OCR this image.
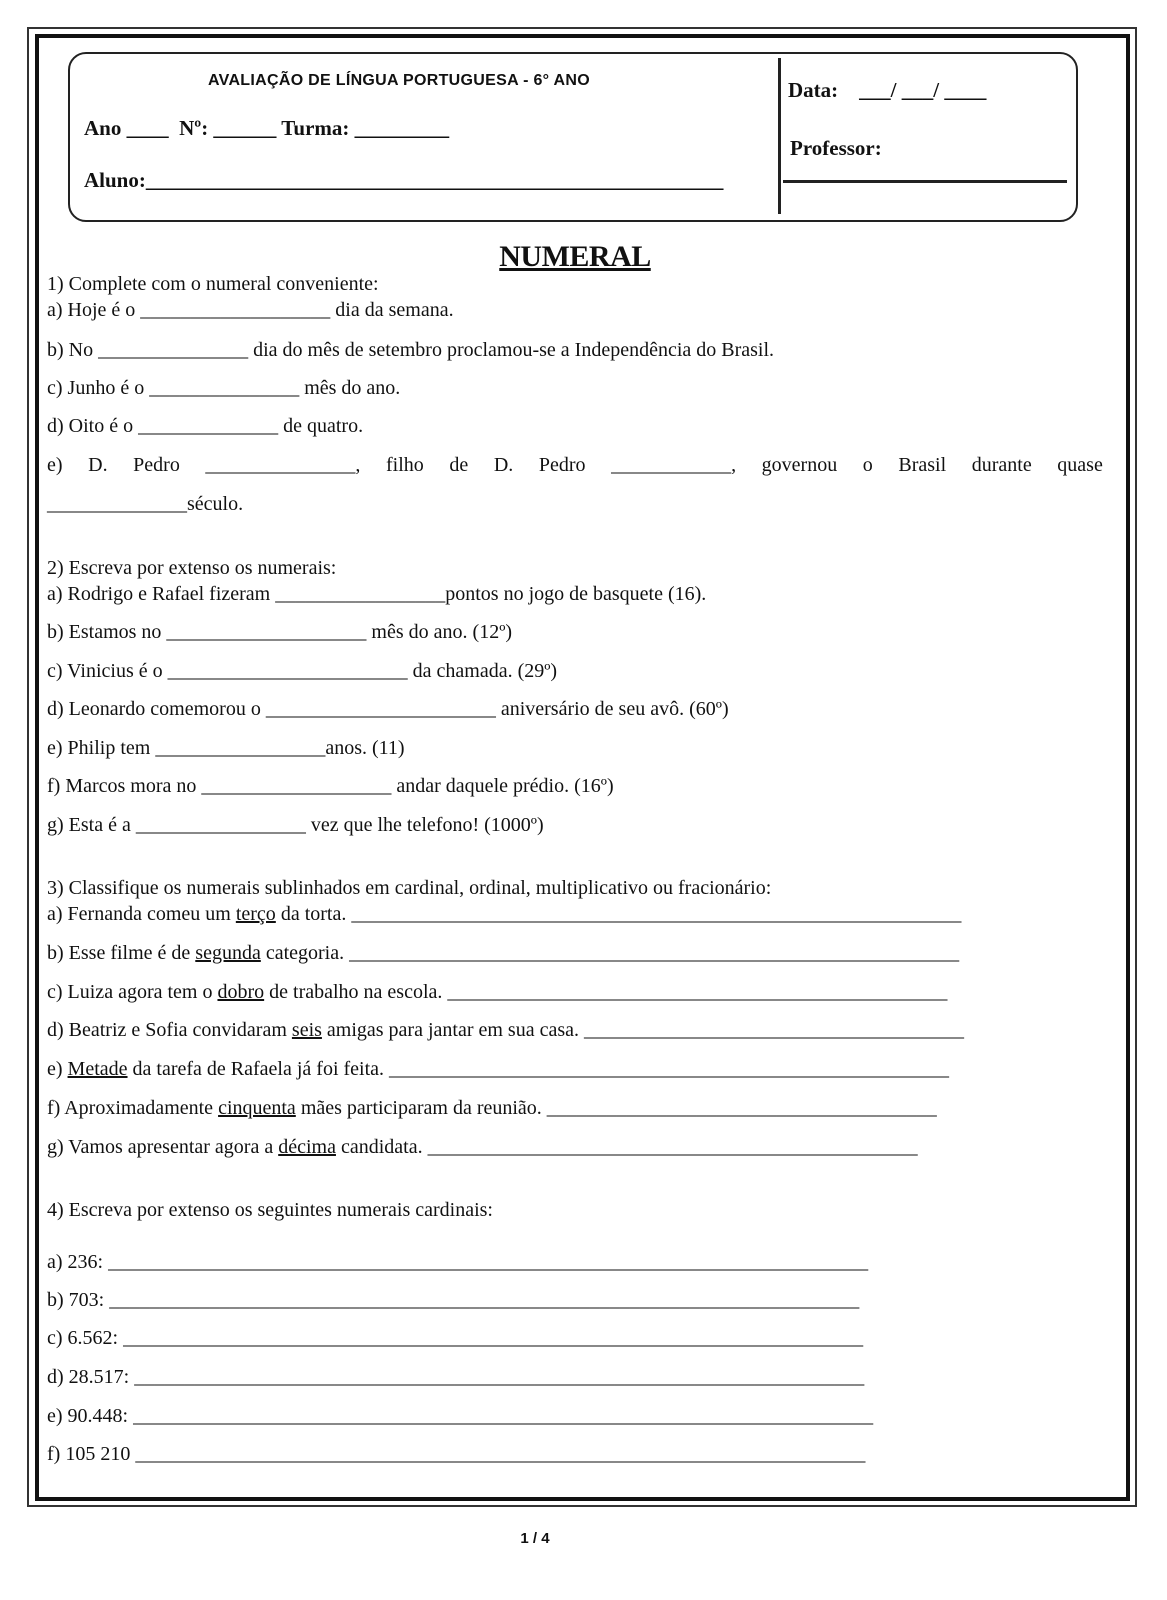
AVALIAÇÃO DE LÍNGUA PORTUGUESA - 6° ANO
Ano ____  Nº: ______ Turma: _________
Aluno:_______________________________________________________
Data:    ___/ ___/ ____
Professor:
NUMERAL
1) Complete com o numeral conveniente:
a) Hoje é o ___________________ dia da semana.
b) No _______________ dia do mês de setembro proclamou-se a Independência do Brasil.
c) Junho é o _______________ mês do ano.
d) Oito é o ______________ de quatro.
e) D. Pedro _______________, filho de D. Pedro ____________, governou o Brasil durante quase
______________século.
2) Escreva por extenso os numerais:
a) Rodrigo e Rafael fizeram _________________pontos no jogo de basquete (16).
b) Estamos no ____________________ mês do ano. (12º)
c) Vinicius é o ________________________ da chamada. (29º)
d) Leonardo comemorou o _______________________ aniversário de seu avô. (60º)
e) Philip tem _________________anos. (11)
f) Marcos mora no ___________________ andar daquele prédio. (16º)
g) Esta é a _________________ vez que lhe telefono! (1000º)
3) Classifique os numerais sublinhados em cardinal, ordinal, multiplicativo ou fracionário:
a) Fernanda comeu um terço da torta. _____________________________________________________________
b) Esse filme é de segunda categoria. _____________________________________________________________
c) Luiza agora tem o dobro de trabalho na escola. __________________________________________________
d) Beatriz e Sofia convidaram seis amigas para jantar em sua casa. ______________________________________
e) Metade da tarefa de Rafaela já foi feita. ________________________________________________________
f) Aproximadamente cinquenta mães participaram da reunião. _______________________________________
g) Vamos apresentar agora a décima candidata. _________________________________________________
4) Escreva por extenso os seguintes numerais cardinais:
a) 236: ____________________________________________________________________________
b) 703: ___________________________________________________________________________
c) 6.562: __________________________________________________________________________
d) 28.517: _________________________________________________________________________
e) 90.448: __________________________________________________________________________
f) 105 210 _________________________________________________________________________
1 / 4
